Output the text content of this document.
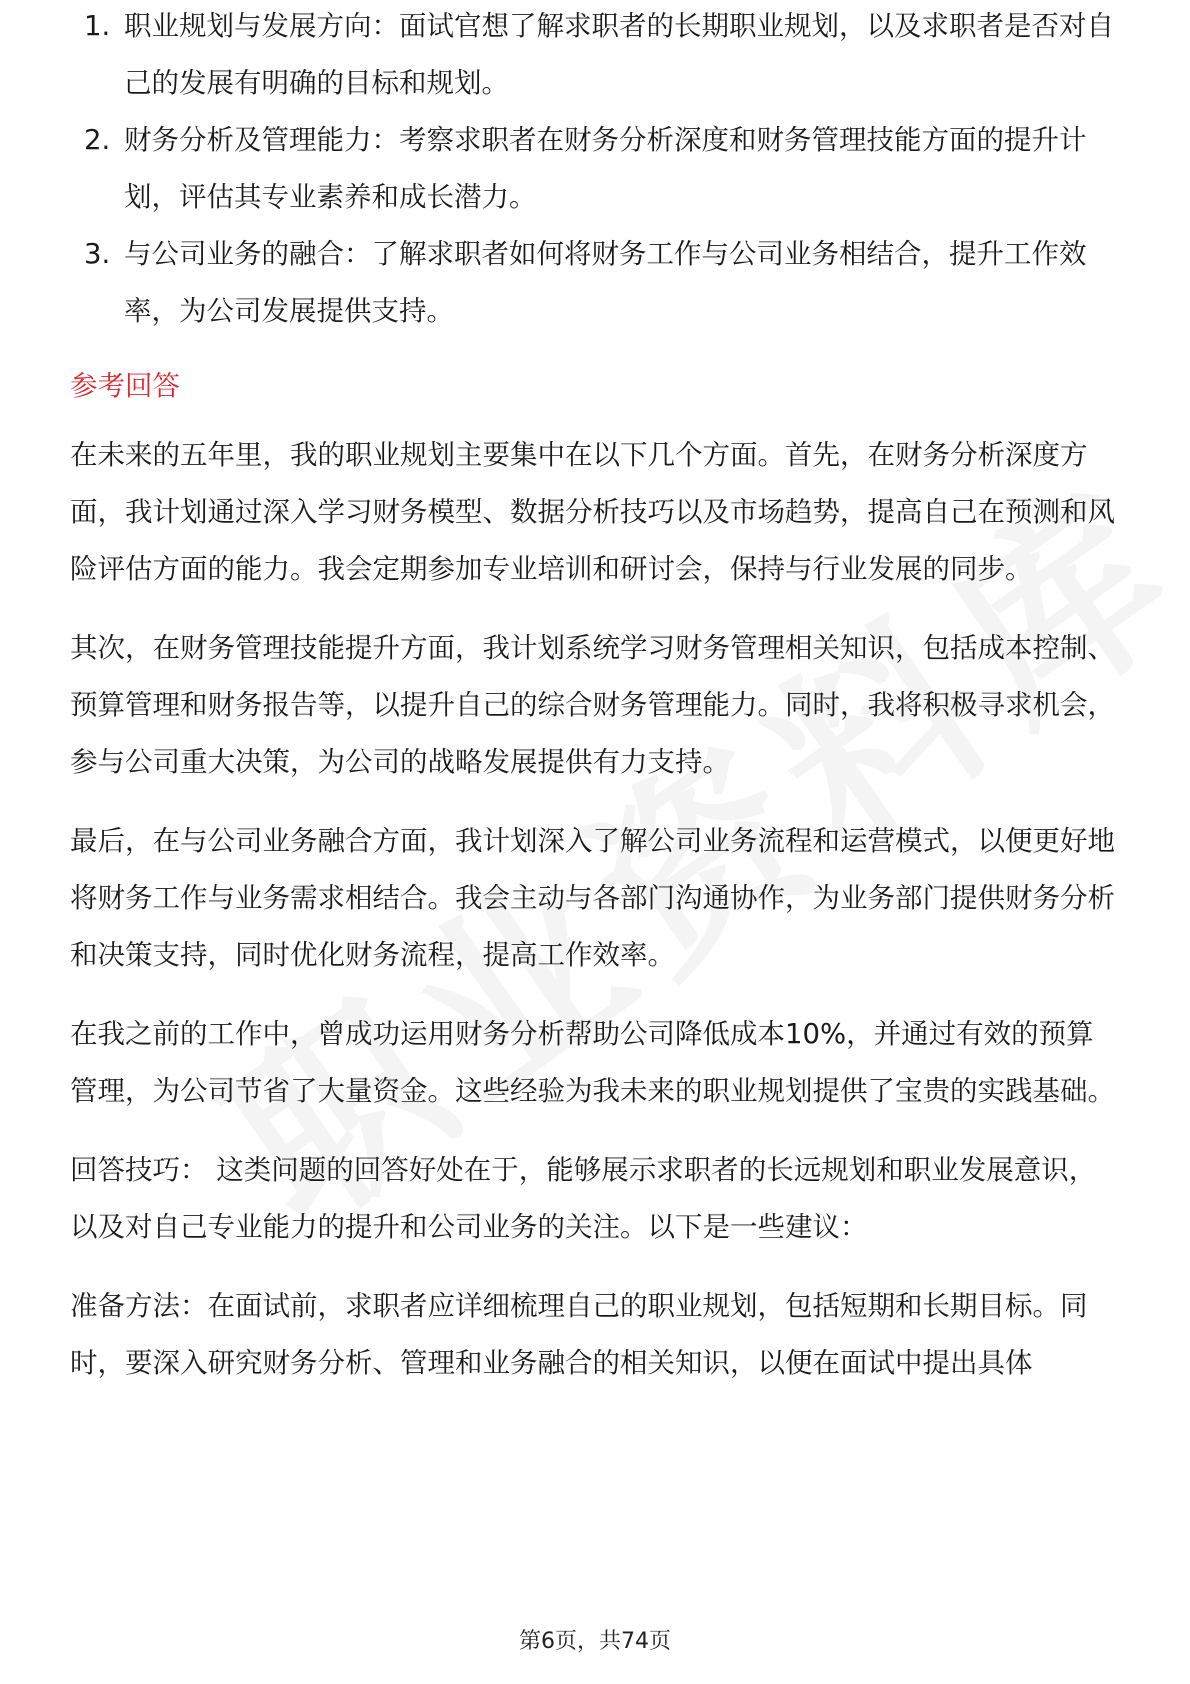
1. 职业规划与发展方向：面试官想了解求职者的长期职业规划，以及求职者是否对自己的发展有明确的目标和规划。
2. 财务分析及管理能力：考察求职者在财务分析深度和财务管理技能方面的提升计划，评估其专业素养和成长潜力。
3. 与公司业务的融合：了解求职者如何将财务工作与公司业务相结合，提升工作效率，为公司发展提供支持。
参考回答

在未来的五年里，我的职业规划主要集中在以下几个方面。首先，在财务分析深度方面，我计划通过深入学习财务模型、数据分析技巧以及市场趋势，提高自己在预测和风险评估方面的能力。我会定期参加专业培训和研讨会，保持与行业发展的同步。

其次，在财务管理技能提升方面，我计划系统学习财务管理相关知识，包括成本控制、预算管理和财务报告等，以提升自己的综合财务管理能力。同时，我将积极寻求机会，参与公司重大决策，为公司的战略发展提供有力支持。

最后，在与公司业务融合方面，我计划深入了解公司业务流程和运营模式，以便更好地将财务工作与业务需求相结合。我会主动与各部门沟通协作，为业务部门提供财务分析和决策支持，同时优化财务流程，提高工作效率。

在我之前的工作中，曾成功运用财务分析帮助公司降低成本10%，并通过有效的预算管理，为公司节省了大量资金。这些经验为我未来的职业规划提供了宝贵的实践基础。

回答技巧： 这类问题的回答好处在于，能够展示求职者的长远规划和职业发展意识，以及对自己专业能力的提升和公司业务的关注。以下是一些建议：

准备方法：在面试前，求职者应详细梳理自己的职业规划，包括短期和长期目标。同时，要深入研究财务分析、管理和业务融合的相关知识，以便在面试中提出具体

第6页，共74页
